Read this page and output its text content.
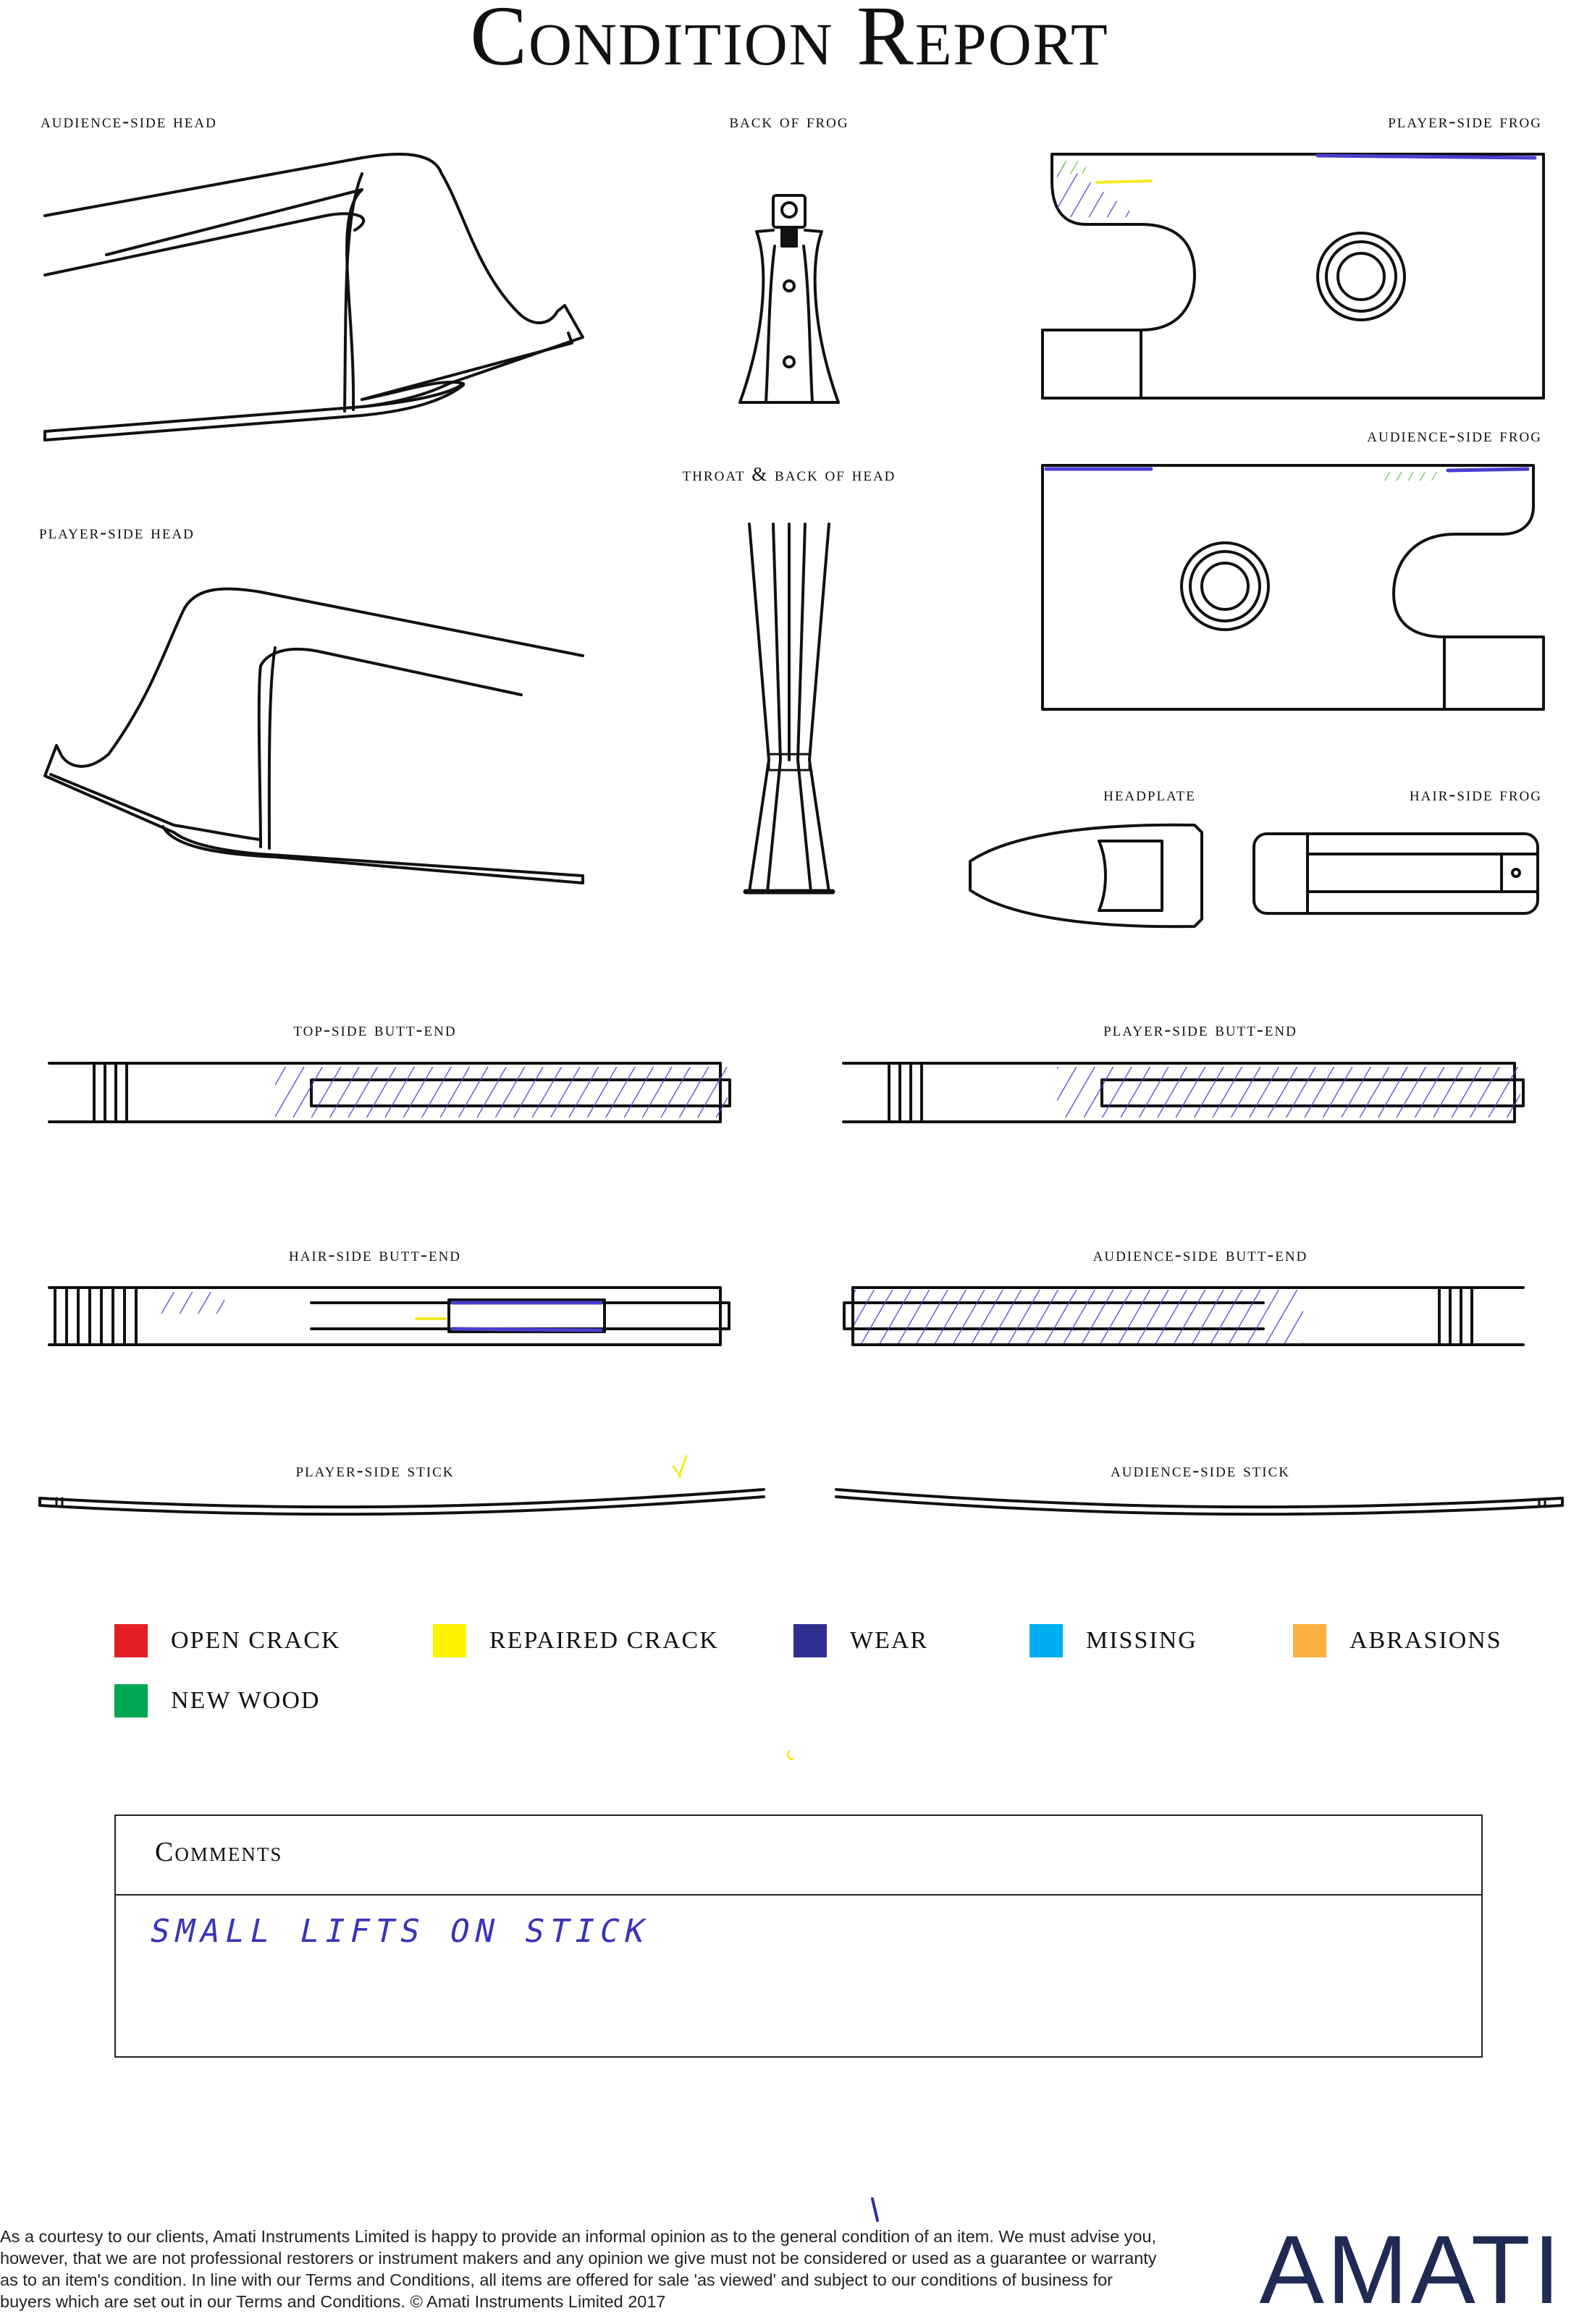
Condition Report
audience-side head	back of frog	player-side frog
throat & back of head
audience-side frog
player-side head
headplate	hair-side frog
top-side butt-end	player-side butt-end
hair-side butt-end	audience-side butt-end
player-side stick	audience-side stick
OPEN CRACK	REPAIRED CRACK	WEAR	MISSING	ABRASIONS
NEW WOOD
Comments
SMALL LIFTS ON STICK
As a courtesy to our clients, Amati Instruments Limited is happy to provide an informal opinion as to the general condition of an item. We must advise you, however, that we are not professional restorers or instrument makers and any opinion we give must not be considered or used as a guarantee or warranty as to an item's condition. In line with our Terms and Conditions, all items are offered for sale 'as viewed' and subject to our conditions of business for buyers which are set out in our Terms and Conditions. © Amati Instruments Limited 2017	AMATI
